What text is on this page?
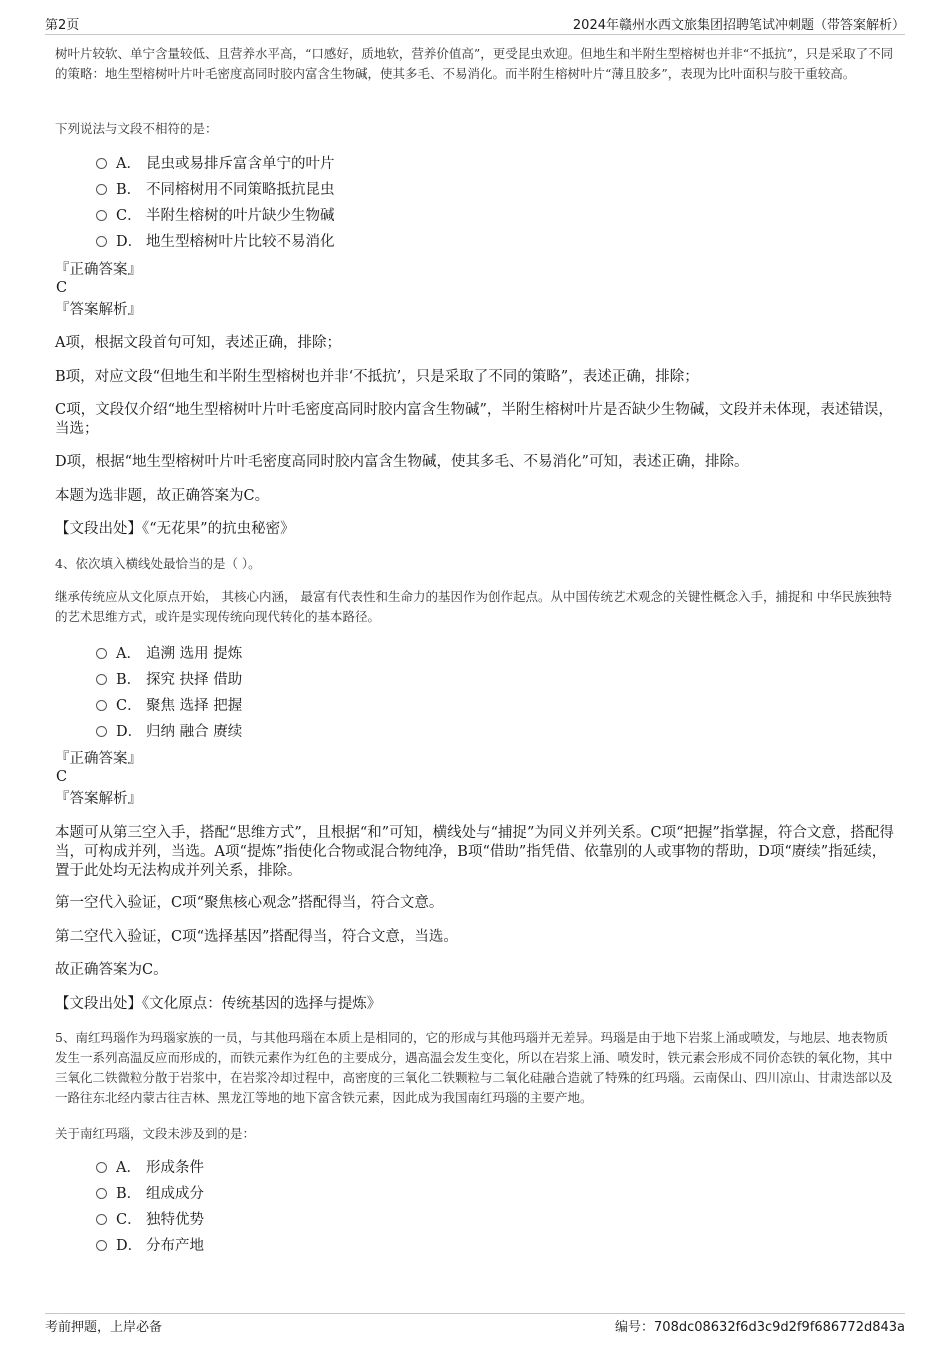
第2页	2024年赣州水西文旅集团招聘笔试冲刺题（带答案解析）
树叶片较软、单宁含量较低、且营养水平高，“口感好，质地软，营养价值高”，更受昆虫欢迎。但地生和半附生型榕树也并非“不抵抗”，只是采取了不同的策略：地生型榕树叶片叶毛密度高同时胶内富含生物碱，使其多毛、不易消化。而半附生榕树叶片“薄且胶多”，表现为比叶面积与胶干重较高。
下列说法与文段不相符的是：
A． 昆虫或易排斥富含单宁的叶片
B． 不同榕树用不同策略抵抗昆虫
C． 半附生榕树的叶片缺少生物碱
D． 地生型榕树叶片比较不易消化
『正确答案』
C
『答案解析』
A项，根据文段首句可知，表述正确，排除；
B项，对应文段“但地生和半附生型榕树也并非‘不抵抗’，只是采取了不同的策略”，表述正确，排除；
C项，文段仅介绍“地生型榕树叶片叶毛密度高同时胶内富含生物碱”，半附生榕树叶片是否缺少生物碱，文段并未体现，表述错误，当选；
D项，根据“地生型榕树叶片叶毛密度高同时胶内富含生物碱，使其多毛、不易消化”可知，表述正确，排除。
本题为选非题，故正确答案为C。
【文段出处】《“无花果”的抗虫秘密》
4、依次填入横线处最恰当的是（ ）。
继承传统应从文化原点开始， 其核心内涵， 最富有代表性和生命力的基因作为创作起点。从中国传统艺术观念的关键性概念入手，捕捉和 中华民族独特的艺术思维方式，或许是实现传统向现代转化的基本路径。
A． 追溯 选用 提炼
B． 探究 抉择 借助
C． 聚焦 选择 把握
D． 归纳 融合 赓续
『正确答案』
C
『答案解析』
本题可从第三空入手，搭配“思维方式”，且根据“和”可知，横线处与“捕捉”为同义并列关系。C项“把握”指掌握，符合文意，搭配得当，可构成并列，当选。A项“提炼”指使化合物或混合物纯净，B项“借助”指凭借、依靠别的人或事物的帮助，D项“赓续”指延续，置于此处均无法构成并列关系，排除。
第一空代入验证，C项“聚焦核心观念”搭配得当，符合文意。
第二空代入验证，C项“选择基因”搭配得当，符合文意，当选。
故正确答案为C。
【文段出处】《文化原点：传统基因的选择与提炼》
5、南红玛瑙作为玛瑙家族的一员，与其他玛瑙在本质上是相同的，它的形成与其他玛瑙并无差异。玛瑙是由于地下岩浆上涌或喷发，与地层、地表物质发生一系列高温反应而形成的，而铁元素作为红色的主要成分，遇高温会发生变化，所以在岩浆上涌、喷发时，铁元素会形成不同价态铁的氧化物，其中三氧化二铁微粒分散于岩浆中，在岩浆冷却过程中，高密度的三氧化二铁颗粒与二氧化硅融合造就了特殊的红玛瑙。云南保山、四川凉山、甘肃迭部以及一路往东北经内蒙古往吉林、黑龙江等地的地下富含铁元素，因此成为我国南红玛瑙的主要产地。
关于南红玛瑙，文段未涉及到的是：
A． 形成条件
B． 组成成分
C． 独特优势
D． 分布产地
考前押题，上岸必备	编号：708dc08632f6d3c9d2f9f686772d843a
